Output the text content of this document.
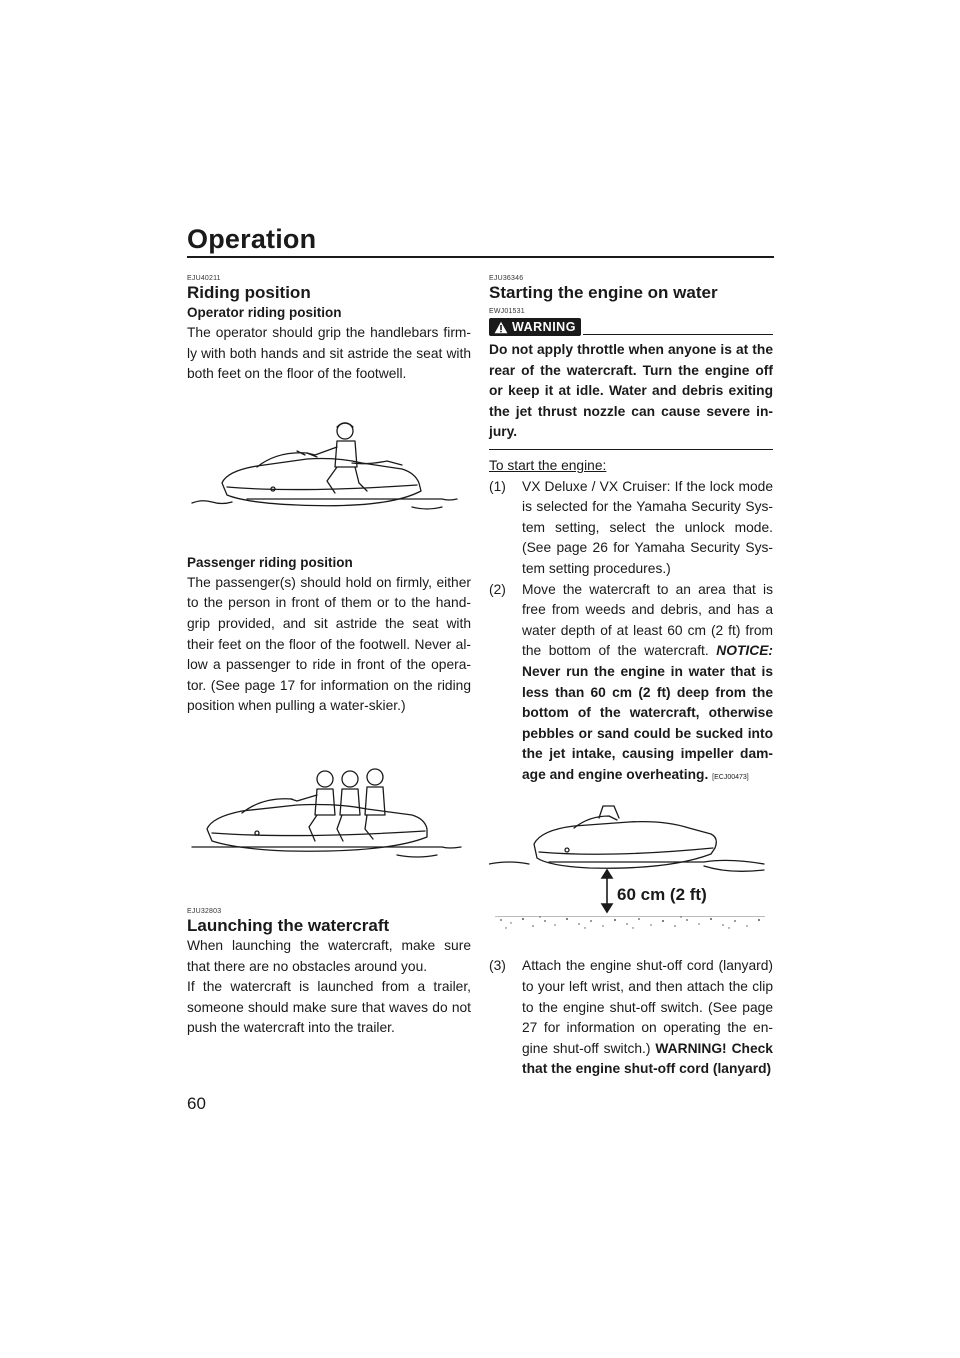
Operation
EJU40211
Riding position
Operator riding position

The operator should grip the handlebars firm-ly with both hands and sit astride the seat with both feet on the floor of the footwell.

Passenger riding position

The passenger(s) should hold on firmly, either to the person in front of them or to the hand-grip provided, and sit astride the seat with their feet on the floor of the footwell. Never al-low a passenger to ride in front of the opera-tor. (See page 17 for information on the riding position when pulling a water-skier.)

EJU32803
Launching the watercraft

When launching the watercraft, make sure that there are no obstacles around you.

If the watercraft is launched from a trailer, someone should make sure that waves do not push the watercraft into the trailer.

EJU36346
Starting the engine on water
EWJ01531
WARNING

Do not apply throttle when anyone is at the rear of the watercraft. Turn the engine off or keep it at idle. Water and debris exiting the jet thrust nozzle can cause severe in-jury.

To start the engine:

(1)	VX Deluxe / VX Cruiser: If the lock mode is selected for the Yamaha Security Sys-tem setting, select the unlock mode. (See page 26 for Yamaha Security Sys-tem setting procedures.)
(2)	Move the watercraft to an area that is free from weeds and debris, and has a water depth of at least 60 cm (2 ft) from the bottom of the watercraft. NOTICE: Never run the engine in water that is less than 60 cm (2 ft) deep from the bottom of the watercraft, otherwise pebbles or sand could be sucked into the jet intake, causing impeller dam-age and engine overheating. [ECJ00473]
60 cm (2 ft)
(3)	Attach the engine shut-off cord (lanyard) to your left wrist, and then attach the clip to the engine shut-off switch. (See page 27 for information on operating the en-gine shut-off switch.) WARNING! Check that the engine shut-off cord (lanyard)
60
